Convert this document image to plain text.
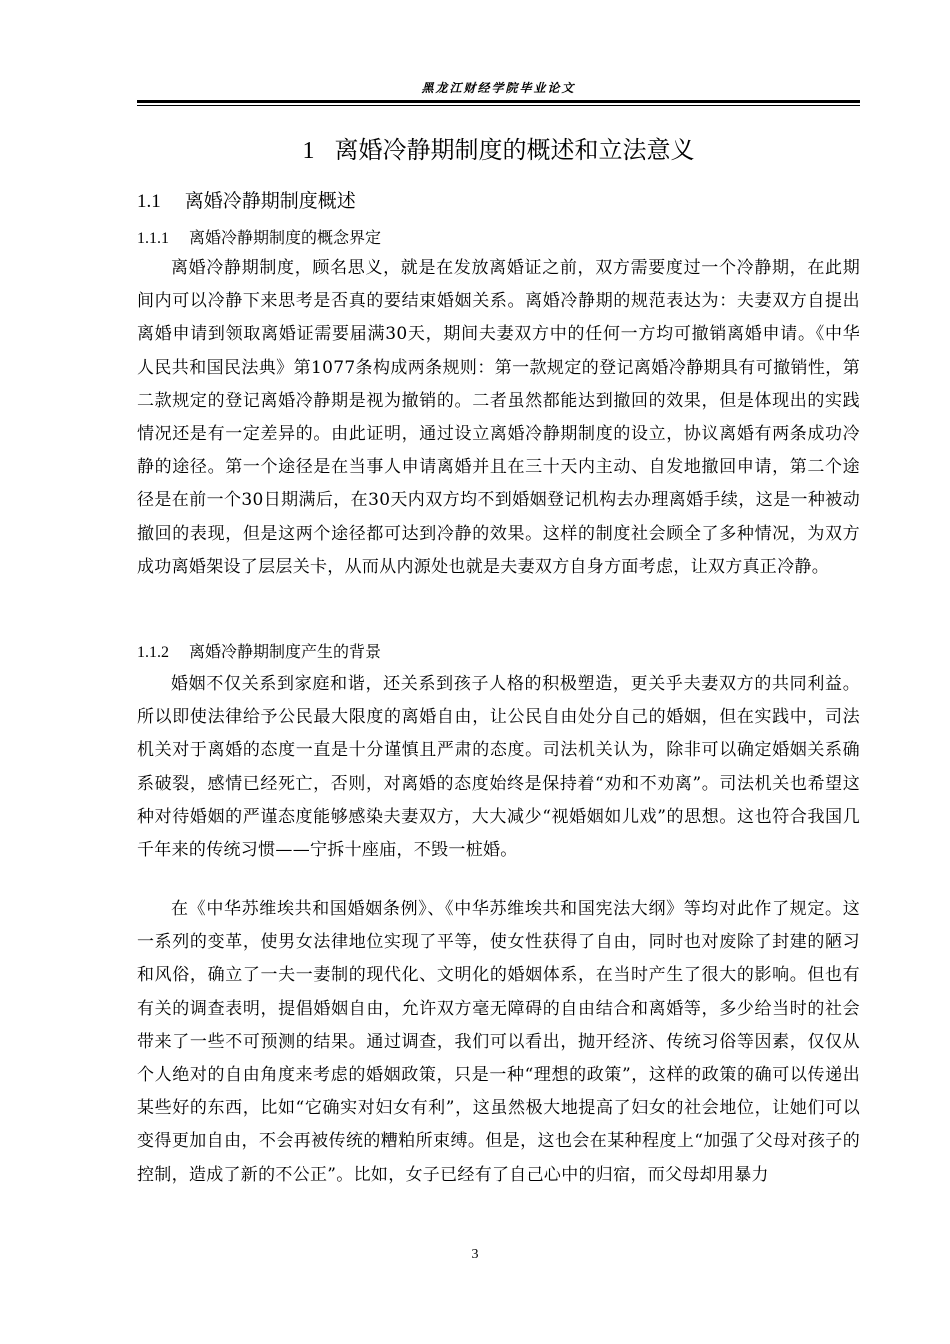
黑龙江财经学院毕业论文
1 离婚冷静期制度的概述和立法意义
1.1 离婚冷静期制度概述
1.1.1 离婚冷静期制度的概念界定

离婚冷静期制度，顾名思义，就是在发放离婚证之前，双方需要度过一个冷静期，在此期间内可以冷静下来思考是否真的要结束婚姻关系。离婚冷静期的规范表达为：夫妻双方自提出离婚申请到领取离婚证需要届满30天，期间夫妻双方中的任何一方均可撤销离婚申请。《中华人民共和国民法典》第1077条构成两条规则：第一款规定的登记离婚冷静期具有可撤销性，第二款规定的登记离婚冷静期是视为撤销的。二者虽然都能达到撤回的效果，但是体现出的实践情况还是有一定差异的。由此证明，通过设立离婚冷静期制度的设立，协议离婚有两条成功冷静的途径。第一个途径是在当事人申请离婚并且在三十天内主动、自发地撤回申请，第二个途径是在前一个30日期满后，在30天内双方均不到婚姻登记机构去办理离婚手续，这是一种被动撤回的表现，但是这两个途径都可达到冷静的效果。这样的制度社会顾全了多种情况，为双方成功离婚架设了层层关卡，从而从内源处也就是夫妻双方自身方面考虑，让双方真正冷静。

1.1.2 离婚冷静期制度产生的背景

婚姻不仅关系到家庭和谐，还关系到孩子人格的积极塑造，更关乎夫妻双方的共同利益。所以即使法律给予公民最大限度的离婚自由，让公民自由处分自己的婚姻，但在实践中，司法机关对于离婚的态度一直是十分谨慎且严肃的态度。司法机关认为，除非可以确定婚姻关系确系破裂，感情已经死亡，否则，对离婚的态度始终是保持着“劝和不劝离”。司法机关也希望这种对待婚姻的严谨态度能够感染夫妻双方，大大减少“视婚姻如儿戏”的思想。这也符合我国几千年来的传统习惯——宁拆十座庙，不毁一桩婚。

在《中华苏维埃共和国婚姻条例》、《中华苏维埃共和国宪法大纲》等均对此作了规定。这一系列的变革，使男女法律地位实现了平等，使女性获得了自由，同时也对废除了封建的陋习和风俗，确立了一夫一妻制的现代化、文明化的婚姻体系，在当时产生了很大的影响。但也有有关的调查表明，提倡婚姻自由，允许双方毫无障碍的自由结合和离婚等，多少给当时的社会带来了一些不可预测的结果。通过调查，我们可以看出，抛开经济、传统习俗等因素，仅仅从个人绝对的自由角度来考虑的婚姻政策，只是一种“理想的政策”，这样的政策的确可以传递出某些好的东西，比如“它确实对妇女有利”，这虽然极大地提高了妇女的社会地位，让她们可以变得更加自由，不会再被传统的糟粕所束缚。但是，这也会在某种程度上“加强了父母对孩子的控制，造成了新的不公正”。比如，女子已经有了自己心中的归宿，而父母却用暴力

3
